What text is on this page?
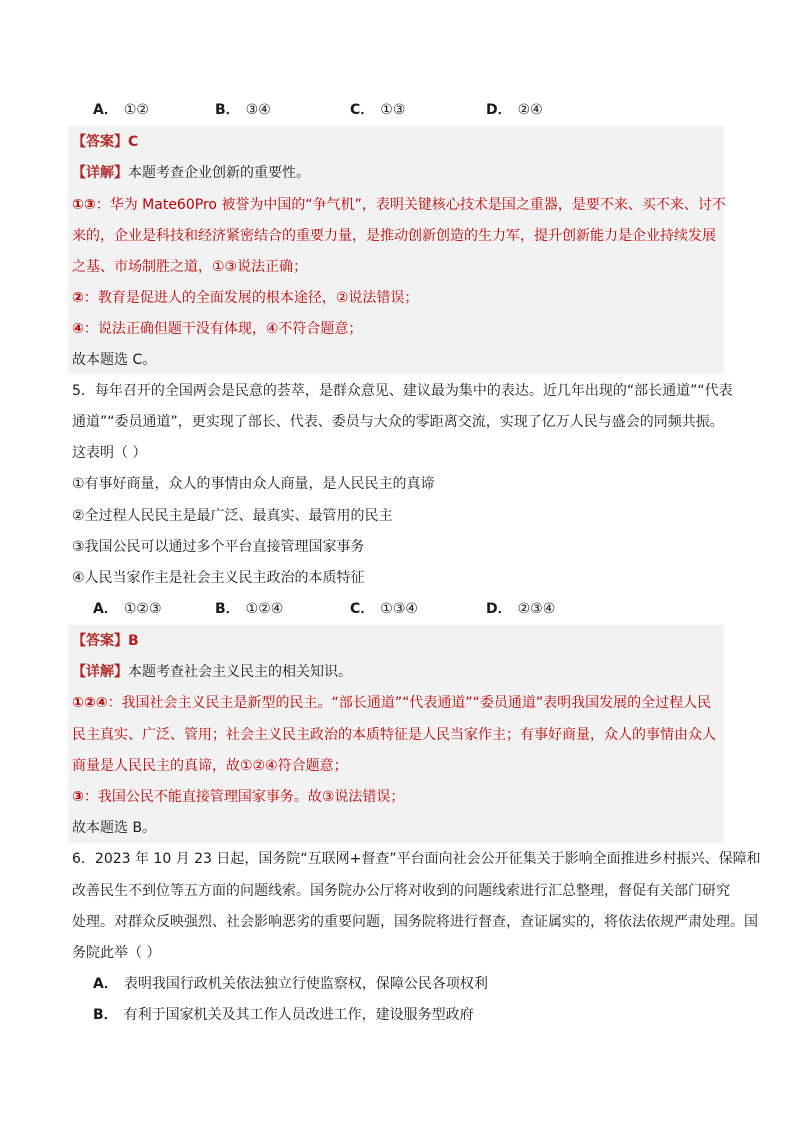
A． ①②	B． ③④	C． ①③	D． ②④
【答案】C
【详解】本题考查企业创新的重要性。
①③：华为 Mate60Pro 被誉为中国的“争气机”，表明关键核心技术是国之重器，是要不来、买不来、讨不
来的，企业是科技和经济紧密结合的重要力量，是推动创新创造的生力军，提升创新能力是企业持续发展
之基、市场制胜之道，①③说法正确；
②：教育是促进人的全面发展的根本途径，②说法错误；
④：说法正确但题干没有体现，④不符合题意；
故本题选 C。
5．每年召开的全国两会是民意的荟萃，是群众意见、建议最为集中的表达。近几年出现的“部长通道”“代表
通道”“委员通道”，更实现了部长、代表、委员与大众的零距离交流，实现了亿万人民与盛会的同频共振。
这表明（ ）
①有事好商量，众人的事情由众人商量，是人民民主的真谛
②全过程人民民主是最广泛、最真实、最管用的民主
③我国公民可以通过多个平台直接管理国家事务
④人民当家作主是社会主义民主政治的本质特征
A． ①②③	B． ①②④	C． ①③④	D． ②③④
【答案】B
【详解】本题考查社会主义民主的相关知识。
①②④：我国社会主义民主是新型的民主。“部长通道”“代表通道”“委员通道”表明我国发展的全过程人民
民主真实、广泛、管用；社会主义民主政治的本质特征是人民当家作主；有事好商量，众人的事情由众人
商量是人民民主的真谛，故①②④符合题意；
③：我国公民不能直接管理国家事务。故③说法错误；
故本题选 B。
6．2023 年 10 月 23 日起，国务院“互联网+督查”平台面向社会公开征集关于影响全面推进乡村振兴、保障和
改善民生不到位等五方面的问题线索。国务院办公厅将对收到的问题线索进行汇总整理，督促有关部门研究
处理。对群众反映强烈、社会影响恶劣的重要问题，国务院将进行督查，查证属实的，将依法依规严肃处理。国
务院此举（ ）
A． 表明我国行政机关依法独立行使监察权，保障公民各项权利
B． 有利于国家机关及其工作人员改进工作，建设服务型政府
